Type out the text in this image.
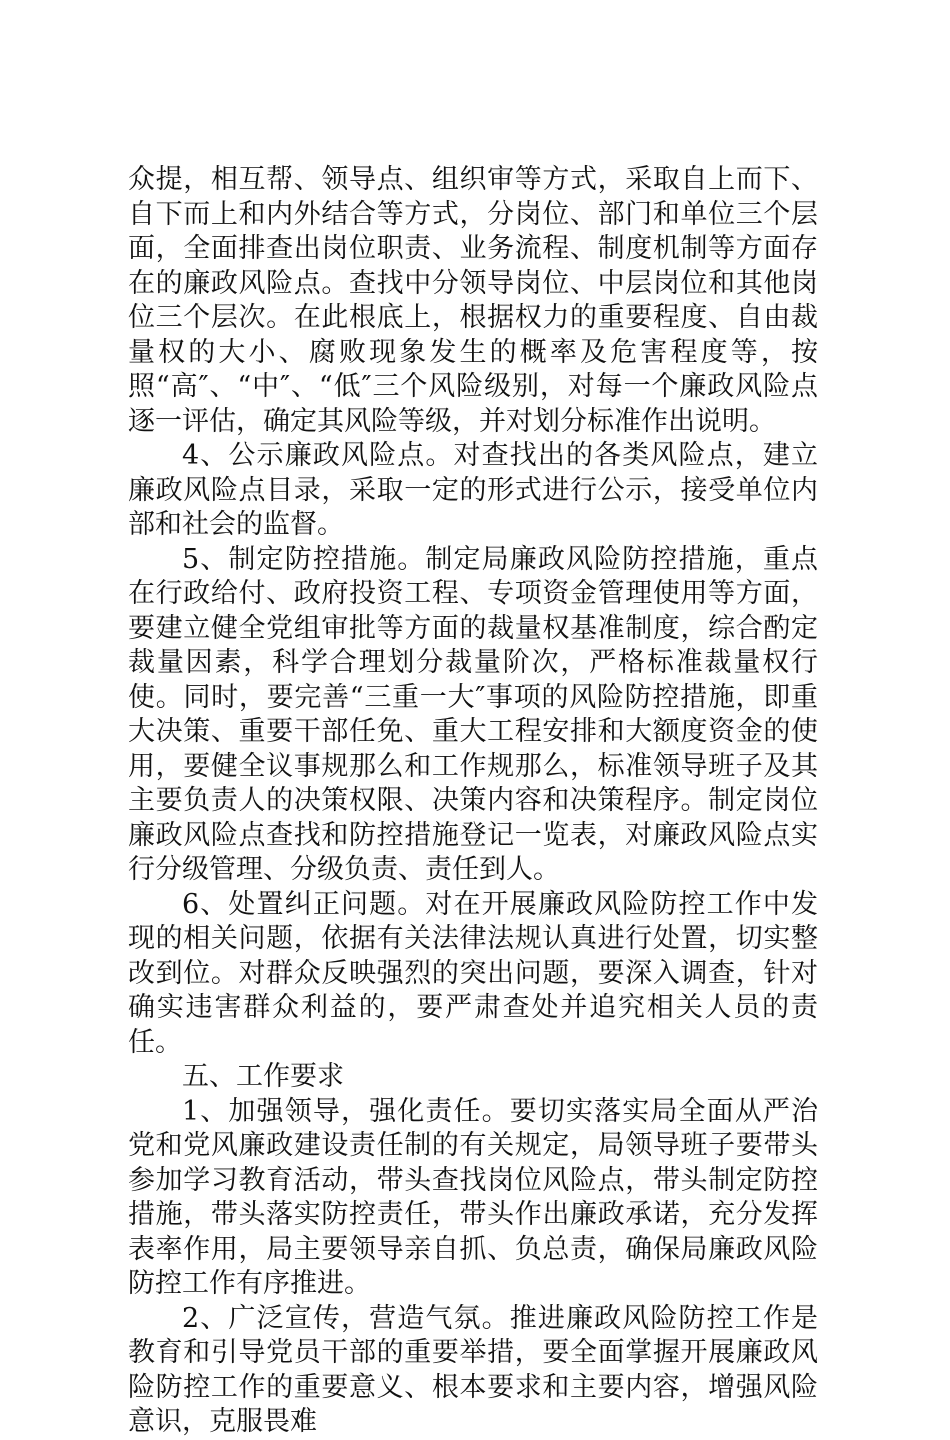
众提，相互帮、领导点、组织审等方式，采取自上而下、自下而上和内外结合等方式，分岗位、部门和单位三个层面，全面排查出岗位职责、业务流程、制度机制等方面存在的廉政风险点。查找中分领导岗位、中层岗位和其他岗位三个层次。在此根底上，根据权力的重要程度、自由裁量权的大小、腐败现象发生的概率及危害程度等，按照“高″、“中″、“低″三个风险级别，对每一个廉政风险点逐一评估，确定其风险等级，并对划分标准作出说明。

4、公示廉政风险点。对查找出的各类风险点，建立廉政风险点目录，采取一定的形式进行公示，接受单位内部和社会的监督。

5、制定防控措施。制定局廉政风险防控措施，重点在行政给付、政府投资工程、专项资金管理使用等方面，要建立健全党组审批等方面的裁量权基准制度，综合酌定裁量因素，科学合理划分裁量阶次，严格标准裁量权行使。同时，要完善“三重一大″事项的风险防控措施，即重大决策、重要干部任免、重大工程安排和大额度资金的使用，要健全议事规那么和工作规那么，标准领导班子及其主要负责人的决策权限、决策内容和决策程序。制定岗位廉政风险点查找和防控措施登记一览表，对廉政风险点实行分级管理、分级负责、责任到人。

6、处置纠正问题。对在开展廉政风险防控工作中发现的相关问题，依据有关法律法规认真进行处置，切实整改到位。对群众反映强烈的突出问题，要深入调查，针对确实违害群众利益的，要严肃查处并追究相关人员的责任。

五、工作要求

1、加强领导，强化责任。要切实落实局全面从严治党和党风廉政建设责任制的有关规定，局领导班子要带头参加学习教育活动，带头查找岗位风险点，带头制定防控措施，带头落实防控责任，带头作出廉政承诺，充分发挥表率作用，局主要领导亲自抓、负总责，确保局廉政风险防控工作有序推进。

2、广泛宣传，营造气氛。推进廉政风险防控工作是教育和引导党员干部的重要举措，要全面掌握开展廉政风险防控工作的重要意义、根本要求和主要内容，增强风险意识，克服畏难
